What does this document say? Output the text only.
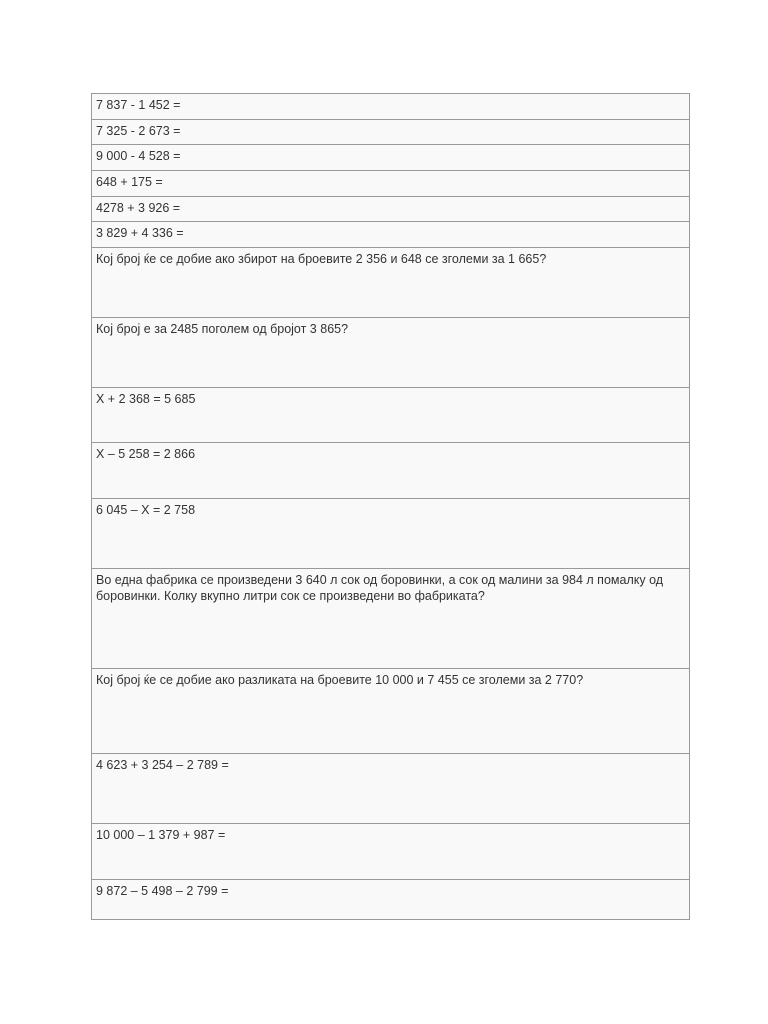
7 837 - 1 452 =
7 325 - 2 673 =
9 000 - 4 528 =
648 + 175 =
4278 + 3 926 =
3 829 + 4 336 =
Кој број ќе се добие ако збирот на броевите 2 356 и 648 се зголеми за 1 665?
Кој број е за 2485 поголем од бројот 3 865?
X + 2 368 = 5 685
X – 5 258 = 2 866
6 045 – X = 2 758
Во една фабрика се произведени 3 640 л сок од боровинки, а сок од малини за 984 л помалку од боровинки. Колку вкупно литри сок се произведени во фабриката?
Кој број ќе се добие ако разликата на броевите 10 000 и 7 455 се зголеми за 2 770?
4 623 + 3 254 – 2 789 =
10 000 – 1 379 + 987 =
9 872 – 5 498 – 2 799 =
